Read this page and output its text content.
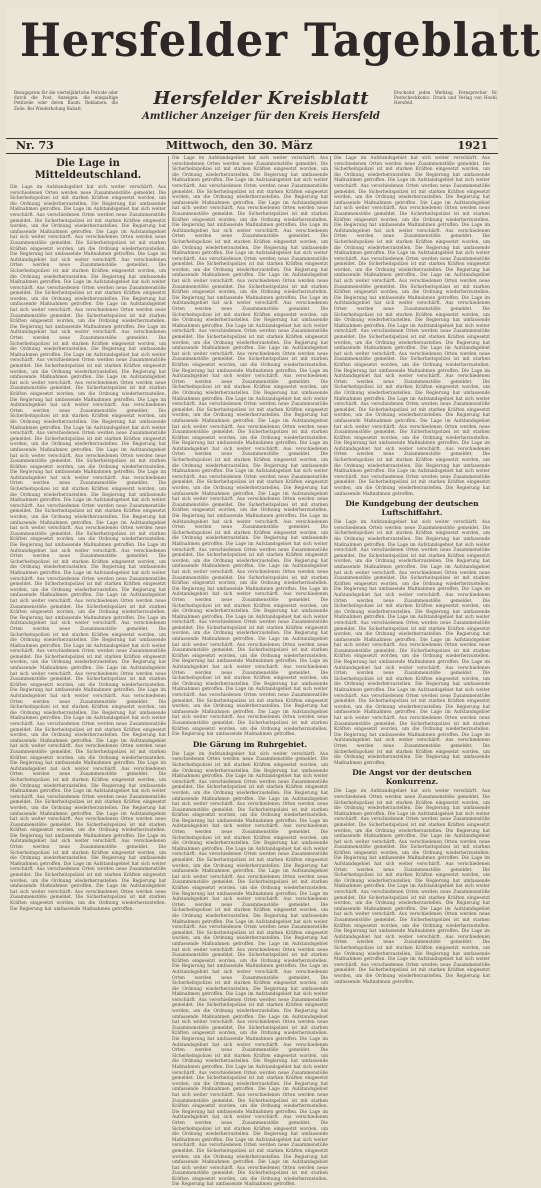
Hersfelder Tageblatt
Bezugspreis für die vierteljährliche Periode oder durch die Post. Anzeigen: die einspaltige Petitzeile oder deren Raum. Reklamen: die Zeile. Bei Wiederholung Rabatt.	Hersfelder Kreisblatt
Amtlicher Anzeiger für den Kreis Hersfeld
Erscheint jeden Werktag. Fernsprecher Nr. Postscheckkonto. Druck und Verlag von Hoehl, Hersfeld.
Nr. 73	Mittwoch, den 30. März	1921
Die Lage in Mitteldeutschland.
Die Lage im Aufstandsgebiet hat sich weiter verschärft. Aus verschiedenen Orten werden neue Zusammenstöße gemeldet. Die Sicherheitspolizei ist mit starken Kräften eingesetzt worden, um die Ordnung wiederherzustellen. Die Regierung hat umfassende Maßnahmen getroffen. Die Lage im Aufstandsgebiet hat sich weiter verschärft. Aus verschiedenen Orten werden neue Zusammenstöße gemeldet. Die Sicherheitspolizei ist mit starken Kräften eingesetzt worden, um die Ordnung wiederherzustellen. Die Regierung hat umfassende Maßnahmen getroffen. Die Lage im Aufstandsgebiet hat sich weiter verschärft. Aus verschiedenen Orten werden neue Zusammenstöße gemeldet. Die Sicherheitspolizei ist mit starken Kräften eingesetzt worden, um die Ordnung wiederherzustellen. Die Regierung hat umfassende Maßnahmen getroffen. Die Lage im Aufstandsgebiet hat sich weiter verschärft. Aus verschiedenen Orten werden neue Zusammenstöße gemeldet. Die Sicherheitspolizei ist mit starken Kräften eingesetzt worden, um die Ordnung wiederherzustellen. Die Regierung hat umfassende Maßnahmen getroffen. Die Lage im Aufstandsgebiet hat sich weiter verschärft. Aus verschiedenen Orten werden neue Zusammenstöße gemeldet. Die Sicherheitspolizei ist mit starken Kräften eingesetzt worden, um die Ordnung wiederherzustellen. Die Regierung hat umfassende Maßnahmen getroffen. Die Lage im Aufstandsgebiet hat sich weiter verschärft. Aus verschiedenen Orten werden neue Zusammenstöße gemeldet. Die Sicherheitspolizei ist mit starken Kräften eingesetzt worden, um die Ordnung wiederherzustellen. Die Regierung hat umfassende Maßnahmen getroffen. Die Lage im Aufstandsgebiet hat sich weiter verschärft. Aus verschiedenen Orten werden neue Zusammenstöße gemeldet. Die Sicherheitspolizei ist mit starken Kräften eingesetzt worden, um die Ordnung wiederherzustellen. Die Regierung hat umfassende Maßnahmen getroffen. Die Lage im Aufstandsgebiet hat sich weiter verschärft. Aus verschiedenen Orten werden neue Zusammenstöße gemeldet. Die Sicherheitspolizei ist mit starken Kräften eingesetzt worden, um die Ordnung wiederherzustellen. Die Regierung hat umfassende Maßnahmen getroffen. Die Lage im Aufstandsgebiet hat sich weiter verschärft. Aus verschiedenen Orten werden neue Zusammenstöße gemeldet. Die Sicherheitspolizei ist mit starken Kräften eingesetzt worden, um die Ordnung wiederherzustellen. Die Regierung hat umfassende Maßnahmen getroffen. Die Lage im Aufstandsgebiet hat sich weiter verschärft. Aus verschiedenen Orten werden neue Zusammenstöße gemeldet. Die Sicherheitspolizei ist mit starken Kräften eingesetzt worden, um die Ordnung wiederherzustellen. Die Regierung hat umfassende Maßnahmen getroffen. Die Lage im Aufstandsgebiet hat sich weiter verschärft. Aus verschiedenen Orten werden neue Zusammenstöße gemeldet. Die Sicherheitspolizei ist mit starken Kräften eingesetzt worden, um die Ordnung wiederherzustellen. Die Regierung hat umfassende Maßnahmen getroffen. Die Lage im Aufstandsgebiet hat sich weiter verschärft. Aus verschiedenen Orten werden neue Zusammenstöße gemeldet. Die Sicherheitspolizei ist mit starken Kräften eingesetzt worden, um die Ordnung wiederherzustellen. Die Regierung hat umfassende Maßnahmen getroffen. Die Lage im Aufstandsgebiet hat sich weiter verschärft. Aus verschiedenen Orten werden neue Zusammenstöße gemeldet. Die Sicherheitspolizei ist mit starken Kräften eingesetzt worden, um die Ordnung wiederherzustellen. Die Regierung hat umfassende Maßnahmen getroffen. Die Lage im Aufstandsgebiet hat sich weiter verschärft. Aus verschiedenen Orten werden neue Zusammenstöße gemeldet. Die Sicherheitspolizei ist mit starken Kräften eingesetzt worden, um die Ordnung wiederherzustellen. Die Regierung hat umfassende Maßnahmen getroffen. Die Lage im Aufstandsgebiet hat sich weiter verschärft. Aus verschiedenen Orten werden neue Zusammenstöße gemeldet. Die Sicherheitspolizei ist mit starken Kräften eingesetzt worden, um die Ordnung wiederherzustellen. Die Regierung hat umfassende Maßnahmen getroffen. Die Lage im Aufstandsgebiet hat sich weiter verschärft. Aus verschiedenen Orten werden neue Zusammenstöße gemeldet. Die Sicherheitspolizei ist mit starken Kräften eingesetzt worden, um die Ordnung wiederherzustellen. Die Regierung hat umfassende Maßnahmen getroffen. Die Lage im Aufstandsgebiet hat sich weiter verschärft. Aus verschiedenen Orten werden neue Zusammenstöße gemeldet. Die Sicherheitspolizei ist mit starken Kräften eingesetzt worden, um die Ordnung wiederherzustellen. Die Regierung hat umfassende Maßnahmen getroffen. Die Lage im Aufstandsgebiet hat sich weiter verschärft. Aus verschiedenen Orten werden neue Zusammenstöße gemeldet. Die Sicherheitspolizei ist mit starken Kräften eingesetzt worden, um die Ordnung wiederherzustellen. Die Regierung hat umfassende Maßnahmen getroffen. Die Lage im Aufstandsgebiet hat sich weiter verschärft. Aus verschiedenen Orten werden neue Zusammenstöße gemeldet. Die Sicherheitspolizei ist mit starken Kräften eingesetzt worden, um die Ordnung wiederherzustellen. Die Regierung hat umfassende Maßnahmen getroffen. Die Lage im Aufstandsgebiet hat sich weiter verschärft. Aus verschiedenen Orten werden neue Zusammenstöße gemeldet. Die Sicherheitspolizei ist mit starken Kräften eingesetzt worden, um die Ordnung wiederherzustellen. Die Regierung hat umfassende Maßnahmen getroffen. Die Lage im Aufstandsgebiet hat sich weiter verschärft. Aus verschiedenen Orten werden neue Zusammenstöße gemeldet. Die Sicherheitspolizei ist mit starken Kräften eingesetzt worden, um die Ordnung wiederherzustellen. Die Regierung hat umfassende Maßnahmen getroffen. Die Lage im Aufstandsgebiet hat sich weiter verschärft. Aus verschiedenen Orten werden neue Zusammenstöße gemeldet. Die Sicherheitspolizei ist mit starken Kräften eingesetzt worden, um die Ordnung wiederherzustellen. Die Regierung hat umfassende Maßnahmen getroffen. Die Lage im Aufstandsgebiet hat sich weiter verschärft. Aus verschiedenen Orten werden neue Zusammenstöße gemeldet. Die Sicherheitspolizei ist mit starken Kräften eingesetzt worden, um die Ordnung wiederherzustellen. Die Regierung hat umfassende Maßnahmen getroffen. Die Lage im Aufstandsgebiet hat sich weiter verschärft. Aus verschiedenen Orten werden neue Zusammenstöße gemeldet. Die Sicherheitspolizei ist mit starken Kräften eingesetzt worden, um die Ordnung wiederherzustellen. Die Regierung hat umfassende Maßnahmen getroffen. Die Lage im Aufstandsgebiet hat sich weiter verschärft. Aus verschiedenen Orten werden neue Zusammenstöße gemeldet. Die Sicherheitspolizei ist mit starken Kräften eingesetzt worden, um die Ordnung wiederherzustellen. Die Regierung hat umfassende Maßnahmen getroffen. Die Lage im Aufstandsgebiet hat sich weiter verschärft. Aus verschiedenen Orten werden neue Zusammenstöße gemeldet. Die Sicherheitspolizei ist mit starken Kräften eingesetzt worden, um die Ordnung wiederherzustellen. Die Regierung hat umfassende Maßnahmen getroffen. Die Lage im Aufstandsgebiet hat sich weiter verschärft. Aus verschiedenen Orten werden neue Zusammenstöße gemeldet. Die Sicherheitspolizei ist mit starken Kräften eingesetzt worden, um die Ordnung wiederherzustellen. Die Regierung hat umfassende Maßnahmen getroffen. Die Lage im Aufstandsgebiet hat sich weiter verschärft. Aus verschiedenen Orten werden neue Zusammenstöße gemeldet. Die Sicherheitspolizei ist mit starken Kräften eingesetzt worden, um die Ordnung wiederherzustellen. Die Regierung hat umfassende Maßnahmen getroffen. Die Lage im Aufstandsgebiet hat sich weiter verschärft. Aus verschiedenen Orten werden neue Zusammenstöße gemeldet. Die Sicherheitspolizei ist mit starken Kräften eingesetzt worden, um die Ordnung wiederherzustellen. Die Regierung hat umfassende Maßnahmen getroffen. Die Lage im Aufstandsgebiet hat sich weiter verschärft. Aus verschiedenen Orten werden neue Zusammenstöße gemeldet. Die Sicherheitspolizei ist mit starken Kräften eingesetzt worden, um die Ordnung wiederherzustellen. Die Regierung hat umfassende Maßnahmen getroffen.
Die Lage im Aufstandsgebiet hat sich weiter verschärft. Aus verschiedenen Orten werden neue Zusammenstöße gemeldet. Die Sicherheitspolizei ist mit starken Kräften eingesetzt worden, um die Ordnung wiederherzustellen. Die Regierung hat umfassende Maßnahmen getroffen. Die Lage im Aufstandsgebiet hat sich weiter verschärft. Aus verschiedenen Orten werden neue Zusammenstöße gemeldet. Die Sicherheitspolizei ist mit starken Kräften eingesetzt worden, um die Ordnung wiederherzustellen. Die Regierung hat umfassende Maßnahmen getroffen. Die Lage im Aufstandsgebiet hat sich weiter verschärft. Aus verschiedenen Orten werden neue Zusammenstöße gemeldet. Die Sicherheitspolizei ist mit starken Kräften eingesetzt worden, um die Ordnung wiederherzustellen. Die Regierung hat umfassende Maßnahmen getroffen. Die Lage im Aufstandsgebiet hat sich weiter verschärft. Aus verschiedenen Orten werden neue Zusammenstöße gemeldet. Die Sicherheitspolizei ist mit starken Kräften eingesetzt worden, um die Ordnung wiederherzustellen. Die Regierung hat umfassende Maßnahmen getroffen. Die Lage im Aufstandsgebiet hat sich weiter verschärft. Aus verschiedenen Orten werden neue Zusammenstöße gemeldet. Die Sicherheitspolizei ist mit starken Kräften eingesetzt worden, um die Ordnung wiederherzustellen. Die Regierung hat umfassende Maßnahmen getroffen. Die Lage im Aufstandsgebiet hat sich weiter verschärft. Aus verschiedenen Orten werden neue Zusammenstöße gemeldet. Die Sicherheitspolizei ist mit starken Kräften eingesetzt worden, um die Ordnung wiederherzustellen. Die Regierung hat umfassende Maßnahmen getroffen. Die Lage im Aufstandsgebiet hat sich weiter verschärft. Aus verschiedenen Orten werden neue Zusammenstöße gemeldet. Die Sicherheitspolizei ist mit starken Kräften eingesetzt worden, um die Ordnung wiederherzustellen. Die Regierung hat umfassende Maßnahmen getroffen. Die Lage im Aufstandsgebiet hat sich weiter verschärft. Aus verschiedenen Orten werden neue Zusammenstöße gemeldet. Die Sicherheitspolizei ist mit starken Kräften eingesetzt worden, um die Ordnung wiederherzustellen. Die Regierung hat umfassende Maßnahmen getroffen. Die Lage im Aufstandsgebiet hat sich weiter verschärft. Aus verschiedenen Orten werden neue Zusammenstöße gemeldet. Die Sicherheitspolizei ist mit starken Kräften eingesetzt worden, um die Ordnung wiederherzustellen. Die Regierung hat umfassende Maßnahmen getroffen. Die Lage im Aufstandsgebiet hat sich weiter verschärft. Aus verschiedenen Orten werden neue Zusammenstöße gemeldet. Die Sicherheitspolizei ist mit starken Kräften eingesetzt worden, um die Ordnung wiederherzustellen. Die Regierung hat umfassende Maßnahmen getroffen. Die Lage im Aufstandsgebiet hat sich weiter verschärft. Aus verschiedenen Orten werden neue Zusammenstöße gemeldet. Die Sicherheitspolizei ist mit starken Kräften eingesetzt worden, um die Ordnung wiederherzustellen. Die Regierung hat umfassende Maßnahmen getroffen. Die Lage im Aufstandsgebiet hat sich weiter verschärft. Aus verschiedenen Orten werden neue Zusammenstöße gemeldet. Die Sicherheitspolizei ist mit starken Kräften eingesetzt worden, um die Ordnung wiederherzustellen. Die Regierung hat umfassende Maßnahmen getroffen. Die Lage im Aufstandsgebiet hat sich weiter verschärft. Aus verschiedenen Orten werden neue Zusammenstöße gemeldet. Die Sicherheitspolizei ist mit starken Kräften eingesetzt worden, um die Ordnung wiederherzustellen. Die Regierung hat umfassende Maßnahmen getroffen. Die Lage im Aufstandsgebiet hat sich weiter verschärft. Aus verschiedenen Orten werden neue Zusammenstöße gemeldet. Die Sicherheitspolizei ist mit starken Kräften eingesetzt worden, um die Ordnung wiederherzustellen. Die Regierung hat umfassende Maßnahmen getroffen. Die Lage im Aufstandsgebiet hat sich weiter verschärft. Aus verschiedenen Orten werden neue Zusammenstöße gemeldet. Die Sicherheitspolizei ist mit starken Kräften eingesetzt worden, um die Ordnung wiederherzustellen. Die Regierung hat umfassende Maßnahmen getroffen. Die Lage im Aufstandsgebiet hat sich weiter verschärft. Aus verschiedenen Orten werden neue Zusammenstöße gemeldet. Die Sicherheitspolizei ist mit starken Kräften eingesetzt worden, um die Ordnung wiederherzustellen. Die Regierung hat umfassende Maßnahmen getroffen. Die Lage im Aufstandsgebiet hat sich weiter verschärft. Aus verschiedenen Orten werden neue Zusammenstöße gemeldet. Die Sicherheitspolizei ist mit starken Kräften eingesetzt worden, um die Ordnung wiederherzustellen. Die Regierung hat umfassende Maßnahmen getroffen. Die Lage im Aufstandsgebiet hat sich weiter verschärft. Aus verschiedenen Orten werden neue Zusammenstöße gemeldet. Die Sicherheitspolizei ist mit starken Kräften eingesetzt worden, um die Ordnung wiederherzustellen. Die Regierung hat umfassende Maßnahmen getroffen. Die Lage im Aufstandsgebiet hat sich weiter verschärft. Aus verschiedenen Orten werden neue Zusammenstöße gemeldet. Die Sicherheitspolizei ist mit starken Kräften eingesetzt worden, um die Ordnung wiederherzustellen. Die Regierung hat umfassende Maßnahmen getroffen. Die Lage im Aufstandsgebiet hat sich weiter verschärft. Aus verschiedenen Orten werden neue Zusammenstöße gemeldet. Die Sicherheitspolizei ist mit starken Kräften eingesetzt worden, um die Ordnung wiederherzustellen. Die Regierung hat umfassende Maßnahmen getroffen. Die Lage im Aufstandsgebiet hat sich weiter verschärft. Aus verschiedenen Orten werden neue Zusammenstöße gemeldet. Die Sicherheitspolizei ist mit starken Kräften eingesetzt worden, um die Ordnung wiederherzustellen. Die Regierung hat umfassende Maßnahmen getroffen. Die Lage im Aufstandsgebiet hat sich weiter verschärft. Aus verschiedenen Orten werden neue Zusammenstöße gemeldet. Die Sicherheitspolizei ist mit starken Kräften eingesetzt worden, um die Ordnung wiederherzustellen. Die Regierung hat umfassende Maßnahmen getroffen. Die Lage im Aufstandsgebiet hat sich weiter verschärft. Aus verschiedenen Orten werden neue Zusammenstöße gemeldet. Die Sicherheitspolizei ist mit starken Kräften eingesetzt worden, um die Ordnung wiederherzustellen. Die Regierung hat umfassende Maßnahmen getroffen. Die Lage im Aufstandsgebiet hat sich weiter verschärft. Aus verschiedenen Orten werden neue Zusammenstöße gemeldet. Die Sicherheitspolizei ist mit starken Kräften eingesetzt worden, um die Ordnung wiederherzustellen. Die Regierung hat umfassende Maßnahmen getroffen.
Die Gärung im Ruhrgebiet.
Die Lage im Aufstandsgebiet hat sich weiter verschärft. Aus verschiedenen Orten werden neue Zusammenstöße gemeldet. Die Sicherheitspolizei ist mit starken Kräften eingesetzt worden, um die Ordnung wiederherzustellen. Die Regierung hat umfassende Maßnahmen getroffen. Die Lage im Aufstandsgebiet hat sich weiter verschärft. Aus verschiedenen Orten werden neue Zusammenstöße gemeldet. Die Sicherheitspolizei ist mit starken Kräften eingesetzt worden, um die Ordnung wiederherzustellen. Die Regierung hat umfassende Maßnahmen getroffen. Die Lage im Aufstandsgebiet hat sich weiter verschärft. Aus verschiedenen Orten werden neue Zusammenstöße gemeldet. Die Sicherheitspolizei ist mit starken Kräften eingesetzt worden, um die Ordnung wiederherzustellen. Die Regierung hat umfassende Maßnahmen getroffen. Die Lage im Aufstandsgebiet hat sich weiter verschärft. Aus verschiedenen Orten werden neue Zusammenstöße gemeldet. Die Sicherheitspolizei ist mit starken Kräften eingesetzt worden, um die Ordnung wiederherzustellen. Die Regierung hat umfassende Maßnahmen getroffen. Die Lage im Aufstandsgebiet hat sich weiter verschärft. Aus verschiedenen Orten werden neue Zusammenstöße gemeldet. Die Sicherheitspolizei ist mit starken Kräften eingesetzt worden, um die Ordnung wiederherzustellen. Die Regierung hat umfassende Maßnahmen getroffen. Die Lage im Aufstandsgebiet hat sich weiter verschärft. Aus verschiedenen Orten werden neue Zusammenstöße gemeldet. Die Sicherheitspolizei ist mit starken Kräften eingesetzt worden, um die Ordnung wiederherzustellen. Die Regierung hat umfassende Maßnahmen getroffen. Die Lage im Aufstandsgebiet hat sich weiter verschärft. Aus verschiedenen Orten werden neue Zusammenstöße gemeldet. Die Sicherheitspolizei ist mit starken Kräften eingesetzt worden, um die Ordnung wiederherzustellen. Die Regierung hat umfassende Maßnahmen getroffen. Die Lage im Aufstandsgebiet hat sich weiter verschärft. Aus verschiedenen Orten werden neue Zusammenstöße gemeldet. Die Sicherheitspolizei ist mit starken Kräften eingesetzt worden, um die Ordnung wiederherzustellen. Die Regierung hat umfassende Maßnahmen getroffen. Die Lage im Aufstandsgebiet hat sich weiter verschärft. Aus verschiedenen Orten werden neue Zusammenstöße gemeldet. Die Sicherheitspolizei ist mit starken Kräften eingesetzt worden, um die Ordnung wiederherzustellen. Die Regierung hat umfassende Maßnahmen getroffen. Die Lage im Aufstandsgebiet hat sich weiter verschärft. Aus verschiedenen Orten werden neue Zusammenstöße gemeldet. Die Sicherheitspolizei ist mit starken Kräften eingesetzt worden, um die Ordnung wiederherzustellen. Die Regierung hat umfassende Maßnahmen getroffen. Die Lage im Aufstandsgebiet hat sich weiter verschärft. Aus verschiedenen Orten werden neue Zusammenstöße gemeldet. Die Sicherheitspolizei ist mit starken Kräften eingesetzt worden, um die Ordnung wiederherzustellen. Die Regierung hat umfassende Maßnahmen getroffen. Die Lage im Aufstandsgebiet hat sich weiter verschärft. Aus verschiedenen Orten werden neue Zusammenstöße gemeldet. Die Sicherheitspolizei ist mit starken Kräften eingesetzt worden, um die Ordnung wiederherzustellen. Die Regierung hat umfassende Maßnahmen getroffen. Die Lage im Aufstandsgebiet hat sich weiter verschärft. Aus verschiedenen Orten werden neue Zusammenstöße gemeldet. Die Sicherheitspolizei ist mit starken Kräften eingesetzt worden, um die Ordnung wiederherzustellen. Die Regierung hat umfassende Maßnahmen getroffen. Die Lage im Aufstandsgebiet hat sich weiter verschärft. Aus verschiedenen Orten werden neue Zusammenstöße gemeldet. Die Sicherheitspolizei ist mit starken Kräften eingesetzt worden, um die Ordnung wiederherzustellen. Die Regierung hat umfassende Maßnahmen getroffen. Die Lage im Aufstandsgebiet hat sich weiter verschärft. Aus verschiedenen Orten werden neue Zusammenstöße gemeldet. Die Sicherheitspolizei ist mit starken Kräften eingesetzt worden, um die Ordnung wiederherzustellen. Die Regierung hat umfassende Maßnahmen getroffen. Die Lage im Aufstandsgebiet hat sich weiter verschärft. Aus verschiedenen Orten werden neue Zusammenstöße gemeldet. Die Sicherheitspolizei ist mit starken Kräften eingesetzt worden, um die Ordnung wiederherzustellen. Die Regierung hat umfassende Maßnahmen getroffen. Die Lage im Aufstandsgebiet hat sich weiter verschärft. Aus verschiedenen Orten werden neue Zusammenstöße gemeldet. Die Sicherheitspolizei ist mit starken Kräften eingesetzt worden, um die Ordnung wiederherzustellen. Die Regierung hat umfassende Maßnahmen getroffen. Die Lage im Aufstandsgebiet hat sich weiter verschärft. Aus verschiedenen Orten werden neue Zusammenstöße gemeldet. Die Sicherheitspolizei ist mit starken Kräften eingesetzt worden, um die Ordnung wiederherzustellen. Die Regierung hat umfassende Maßnahmen getroffen.
Die Lage im Aufstandsgebiet hat sich weiter verschärft. Aus verschiedenen Orten werden neue Zusammenstöße gemeldet. Die Sicherheitspolizei ist mit starken Kräften eingesetzt worden, um die Ordnung wiederherzustellen. Die Regierung hat umfassende Maßnahmen getroffen. Die Lage im Aufstandsgebiet hat sich weiter verschärft. Aus verschiedenen Orten werden neue Zusammenstöße gemeldet. Die Sicherheitspolizei ist mit starken Kräften eingesetzt worden, um die Ordnung wiederherzustellen. Die Regierung hat umfassende Maßnahmen getroffen. Die Lage im Aufstandsgebiet hat sich weiter verschärft. Aus verschiedenen Orten werden neue Zusammenstöße gemeldet. Die Sicherheitspolizei ist mit starken Kräften eingesetzt worden, um die Ordnung wiederherzustellen. Die Regierung hat umfassende Maßnahmen getroffen. Die Lage im Aufstandsgebiet hat sich weiter verschärft. Aus verschiedenen Orten werden neue Zusammenstöße gemeldet. Die Sicherheitspolizei ist mit starken Kräften eingesetzt worden, um die Ordnung wiederherzustellen. Die Regierung hat umfassende Maßnahmen getroffen. Die Lage im Aufstandsgebiet hat sich weiter verschärft. Aus verschiedenen Orten werden neue Zusammenstöße gemeldet. Die Sicherheitspolizei ist mit starken Kräften eingesetzt worden, um die Ordnung wiederherzustellen. Die Regierung hat umfassende Maßnahmen getroffen. Die Lage im Aufstandsgebiet hat sich weiter verschärft. Aus verschiedenen Orten werden neue Zusammenstöße gemeldet. Die Sicherheitspolizei ist mit starken Kräften eingesetzt worden, um die Ordnung wiederherzustellen. Die Regierung hat umfassende Maßnahmen getroffen. Die Lage im Aufstandsgebiet hat sich weiter verschärft. Aus verschiedenen Orten werden neue Zusammenstöße gemeldet. Die Sicherheitspolizei ist mit starken Kräften eingesetzt worden, um die Ordnung wiederherzustellen. Die Regierung hat umfassende Maßnahmen getroffen. Die Lage im Aufstandsgebiet hat sich weiter verschärft. Aus verschiedenen Orten werden neue Zusammenstöße gemeldet. Die Sicherheitspolizei ist mit starken Kräften eingesetzt worden, um die Ordnung wiederherzustellen. Die Regierung hat umfassende Maßnahmen getroffen. Die Lage im Aufstandsgebiet hat sich weiter verschärft. Aus verschiedenen Orten werden neue Zusammenstöße gemeldet. Die Sicherheitspolizei ist mit starken Kräften eingesetzt worden, um die Ordnung wiederherzustellen. Die Regierung hat umfassende Maßnahmen getroffen. Die Lage im Aufstandsgebiet hat sich weiter verschärft. Aus verschiedenen Orten werden neue Zusammenstöße gemeldet. Die Sicherheitspolizei ist mit starken Kräften eingesetzt worden, um die Ordnung wiederherzustellen. Die Regierung hat umfassende Maßnahmen getroffen. Die Lage im Aufstandsgebiet hat sich weiter verschärft. Aus verschiedenen Orten werden neue Zusammenstöße gemeldet. Die Sicherheitspolizei ist mit starken Kräften eingesetzt worden, um die Ordnung wiederherzustellen. Die Regierung hat umfassende Maßnahmen getroffen. Die Lage im Aufstandsgebiet hat sich weiter verschärft. Aus verschiedenen Orten werden neue Zusammenstöße gemeldet. Die Sicherheitspolizei ist mit starken Kräften eingesetzt worden, um die Ordnung wiederherzustellen. Die Regierung hat umfassende Maßnahmen getroffen. Die Lage im Aufstandsgebiet hat sich weiter verschärft. Aus verschiedenen Orten werden neue Zusammenstöße gemeldet. Die Sicherheitspolizei ist mit starken Kräften eingesetzt worden, um die Ordnung wiederherzustellen. Die Regierung hat umfassende Maßnahmen getroffen. Die Lage im Aufstandsgebiet hat sich weiter verschärft. Aus verschiedenen Orten werden neue Zusammenstöße gemeldet. Die Sicherheitspolizei ist mit starken Kräften eingesetzt worden, um die Ordnung wiederherzustellen. Die Regierung hat umfassende Maßnahmen getroffen.
Die Kundgebung der deutschen Luftschiffahrt.
Die Lage im Aufstandsgebiet hat sich weiter verschärft. Aus verschiedenen Orten werden neue Zusammenstöße gemeldet. Die Sicherheitspolizei ist mit starken Kräften eingesetzt worden, um die Ordnung wiederherzustellen. Die Regierung hat umfassende Maßnahmen getroffen. Die Lage im Aufstandsgebiet hat sich weiter verschärft. Aus verschiedenen Orten werden neue Zusammenstöße gemeldet. Die Sicherheitspolizei ist mit starken Kräften eingesetzt worden, um die Ordnung wiederherzustellen. Die Regierung hat umfassende Maßnahmen getroffen. Die Lage im Aufstandsgebiet hat sich weiter verschärft. Aus verschiedenen Orten werden neue Zusammenstöße gemeldet. Die Sicherheitspolizei ist mit starken Kräften eingesetzt worden, um die Ordnung wiederherzustellen. Die Regierung hat umfassende Maßnahmen getroffen. Die Lage im Aufstandsgebiet hat sich weiter verschärft. Aus verschiedenen Orten werden neue Zusammenstöße gemeldet. Die Sicherheitspolizei ist mit starken Kräften eingesetzt worden, um die Ordnung wiederherzustellen. Die Regierung hat umfassende Maßnahmen getroffen. Die Lage im Aufstandsgebiet hat sich weiter verschärft. Aus verschiedenen Orten werden neue Zusammenstöße gemeldet. Die Sicherheitspolizei ist mit starken Kräften eingesetzt worden, um die Ordnung wiederherzustellen. Die Regierung hat umfassende Maßnahmen getroffen. Die Lage im Aufstandsgebiet hat sich weiter verschärft. Aus verschiedenen Orten werden neue Zusammenstöße gemeldet. Die Sicherheitspolizei ist mit starken Kräften eingesetzt worden, um die Ordnung wiederherzustellen. Die Regierung hat umfassende Maßnahmen getroffen. Die Lage im Aufstandsgebiet hat sich weiter verschärft. Aus verschiedenen Orten werden neue Zusammenstöße gemeldet. Die Sicherheitspolizei ist mit starken Kräften eingesetzt worden, um die Ordnung wiederherzustellen. Die Regierung hat umfassende Maßnahmen getroffen. Die Lage im Aufstandsgebiet hat sich weiter verschärft. Aus verschiedenen Orten werden neue Zusammenstöße gemeldet. Die Sicherheitspolizei ist mit starken Kräften eingesetzt worden, um die Ordnung wiederherzustellen. Die Regierung hat umfassende Maßnahmen getroffen. Die Lage im Aufstandsgebiet hat sich weiter verschärft. Aus verschiedenen Orten werden neue Zusammenstöße gemeldet. Die Sicherheitspolizei ist mit starken Kräften eingesetzt worden, um die Ordnung wiederherzustellen. Die Regierung hat umfassende Maßnahmen getroffen. Die Lage im Aufstandsgebiet hat sich weiter verschärft. Aus verschiedenen Orten werden neue Zusammenstöße gemeldet. Die Sicherheitspolizei ist mit starken Kräften eingesetzt worden, um die Ordnung wiederherzustellen. Die Regierung hat umfassende Maßnahmen getroffen.
Die Angst vor der deutschen Konkurrenz.
Die Lage im Aufstandsgebiet hat sich weiter verschärft. Aus verschiedenen Orten werden neue Zusammenstöße gemeldet. Die Sicherheitspolizei ist mit starken Kräften eingesetzt worden, um die Ordnung wiederherzustellen. Die Regierung hat umfassende Maßnahmen getroffen. Die Lage im Aufstandsgebiet hat sich weiter verschärft. Aus verschiedenen Orten werden neue Zusammenstöße gemeldet. Die Sicherheitspolizei ist mit starken Kräften eingesetzt worden, um die Ordnung wiederherzustellen. Die Regierung hat umfassende Maßnahmen getroffen. Die Lage im Aufstandsgebiet hat sich weiter verschärft. Aus verschiedenen Orten werden neue Zusammenstöße gemeldet. Die Sicherheitspolizei ist mit starken Kräften eingesetzt worden, um die Ordnung wiederherzustellen. Die Regierung hat umfassende Maßnahmen getroffen. Die Lage im Aufstandsgebiet hat sich weiter verschärft. Aus verschiedenen Orten werden neue Zusammenstöße gemeldet. Die Sicherheitspolizei ist mit starken Kräften eingesetzt worden, um die Ordnung wiederherzustellen. Die Regierung hat umfassende Maßnahmen getroffen. Die Lage im Aufstandsgebiet hat sich weiter verschärft. Aus verschiedenen Orten werden neue Zusammenstöße gemeldet. Die Sicherheitspolizei ist mit starken Kräften eingesetzt worden, um die Ordnung wiederherzustellen. Die Regierung hat umfassende Maßnahmen getroffen. Die Lage im Aufstandsgebiet hat sich weiter verschärft. Aus verschiedenen Orten werden neue Zusammenstöße gemeldet. Die Sicherheitspolizei ist mit starken Kräften eingesetzt worden, um die Ordnung wiederherzustellen. Die Regierung hat umfassende Maßnahmen getroffen. Die Lage im Aufstandsgebiet hat sich weiter verschärft. Aus verschiedenen Orten werden neue Zusammenstöße gemeldet. Die Sicherheitspolizei ist mit starken Kräften eingesetzt worden, um die Ordnung wiederherzustellen. Die Regierung hat umfassende Maßnahmen getroffen. Die Lage im Aufstandsgebiet hat sich weiter verschärft. Aus verschiedenen Orten werden neue Zusammenstöße gemeldet. Die Sicherheitspolizei ist mit starken Kräften eingesetzt worden, um die Ordnung wiederherzustellen. Die Regierung hat umfassende Maßnahmen getroffen.
